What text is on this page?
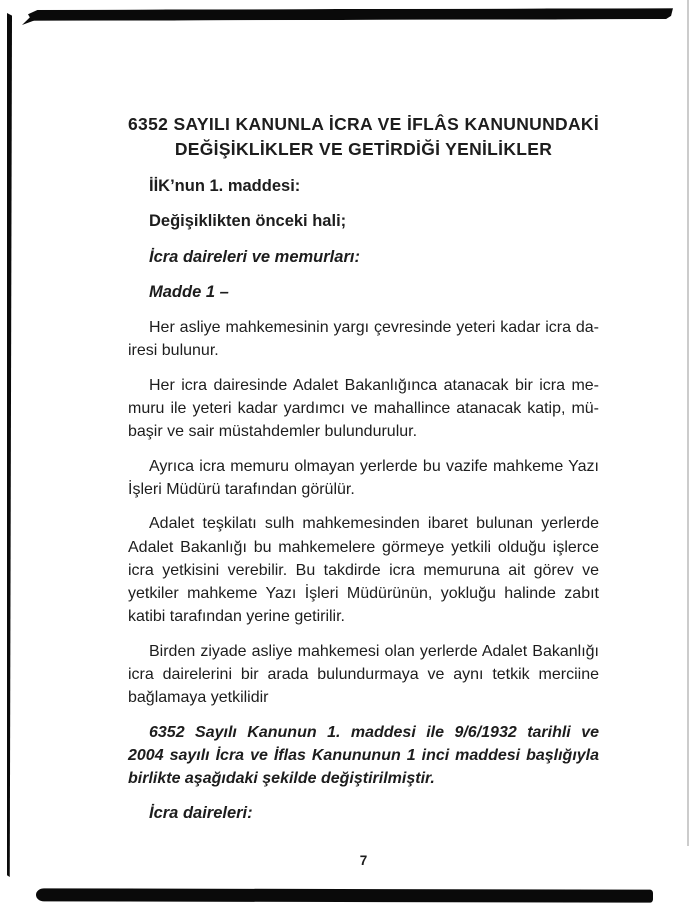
6352 SAYILI KANUNLA İCRA VE İFLÂS KANUNUNDAKİ
DEĞİŞİKLİKLER VE GETİRDİĞİ YENİLİKLER
İİK’nun 1. maddesi:
Değişiklikten önceki hali;
İcra daireleri ve memurları:
Madde 1 –
Her asliye mahkemesinin yargı çevresinde yeteri kadar icra da-
iresi bulunur.
Her icra dairesinde Adalet Bakanlığınca atanacak bir icra me-
muru ile yeteri kadar yardımcı ve mahallince atanacak katip, mü-
başir ve sair müstahdemler bulundurulur.
Ayrıca icra memuru olmayan yerlerde bu vazife mahkeme Yazı
İşleri Müdürü tarafından görülür.
Adalet teşkilatı sulh mahkemesinden ibaret bulunan yerlerde
Adalet Bakanlığı bu mahkemelere görmeye yetkili olduğu işlerce
icra yetkisini verebilir. Bu takdirde icra memuruna ait görev ve
yetkiler mahkeme Yazı İşleri Müdürünün, yokluğu halinde zabıt
katibi tarafından yerine getirilir.
Birden ziyade asliye mahkemesi olan yerlerde Adalet Bakanlığı
icra dairelerini bir arada bulundurmaya ve aynı tetkik merciine
bağlamaya yetkilidir
6352 Sayılı Kanunun 1. maddesi ile 9/6/1932 tarihli ve
2004 sayılı İcra ve İflas Kanununun 1 inci maddesi başlığıyla
birlikte aşağıdaki şekilde değiştirilmiştir.
İcra daireleri:
7
